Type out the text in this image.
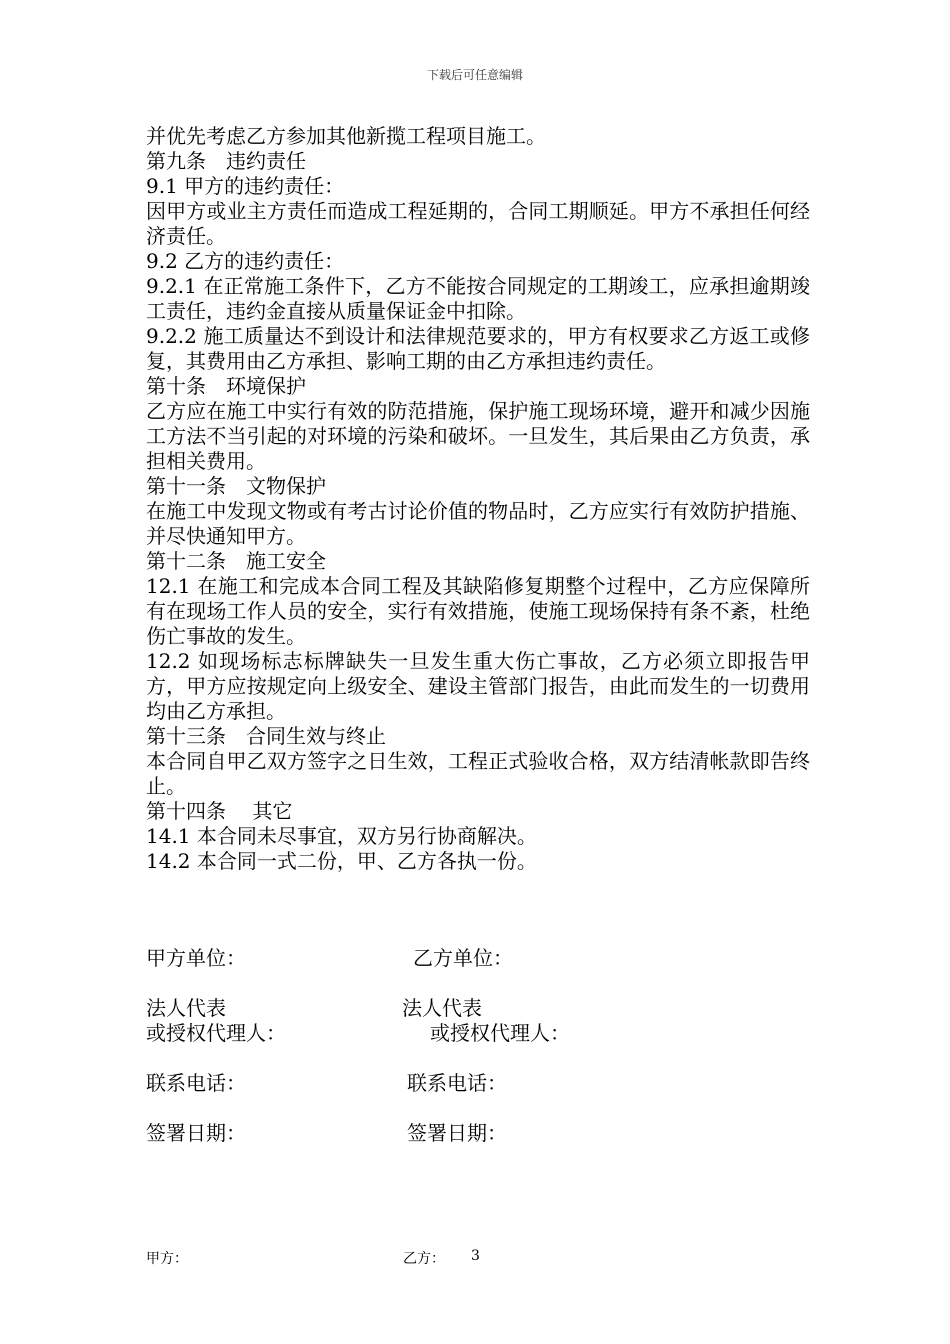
下载后可任意编辑

并优先考虑乙方参加其他新揽工程项目施工。

第九条　违约责任

9.1 甲方的违约责任：

因甲方或业主方责任而造成工程延期的，合同工期顺延。甲方不承担任何经济责任。

9.2 乙方的违约责任：

9.2.1 在正常施工条件下，乙方不能按合同规定的工期竣工，应承担逾期竣工责任，违约金直接从质量保证金中扣除。

9.2.2 施工质量达不到设计和法律规范要求的，甲方有权要求乙方返工或修复，其费用由乙方承担、影响工期的由乙方承担违约责任。

第十条　环境保护

乙方应在施工中实行有效的防范措施，保护施工现场环境，避开和减少因施工方法不当引起的对环境的污染和破坏。一旦发生，其后果由乙方负责，承担相关费用。

第十一条　文物保护

在施工中发现文物或有考古讨论价值的物品时，乙方应实行有效防护措施、并尽快通知甲方。

第十二条　施工安全

12.1 在施工和完成本合同工程及其缺陷修复期整个过程中，乙方应保障所有在现场工作人员的安全，实行有效措施，使施工现场保持有条不紊，杜绝伤亡事故的发生。

12.2 如现场标志标牌缺失一旦发生重大伤亡事故，乙方必须立即报告甲方，甲方应按规定向上级安全、建设主管部门报告，由此而发生的一切费用均由乙方承担。

第十三条　合同生效与终止

本合同自甲乙双方签字之日生效，工程正式验收合格，双方结清帐款即告终止。

第十四条　 其它

14.1 本合同未尽事宜，双方另行协商解决。

14.2 本合同一式二份，甲、乙方各执一份。

甲方单位：	乙方单位：
法人代表	法人代表
或授权代理人：	或授权代理人：
联系电话：	联系电话：
签署日期：	签署日期：
甲方：	乙方： 3
